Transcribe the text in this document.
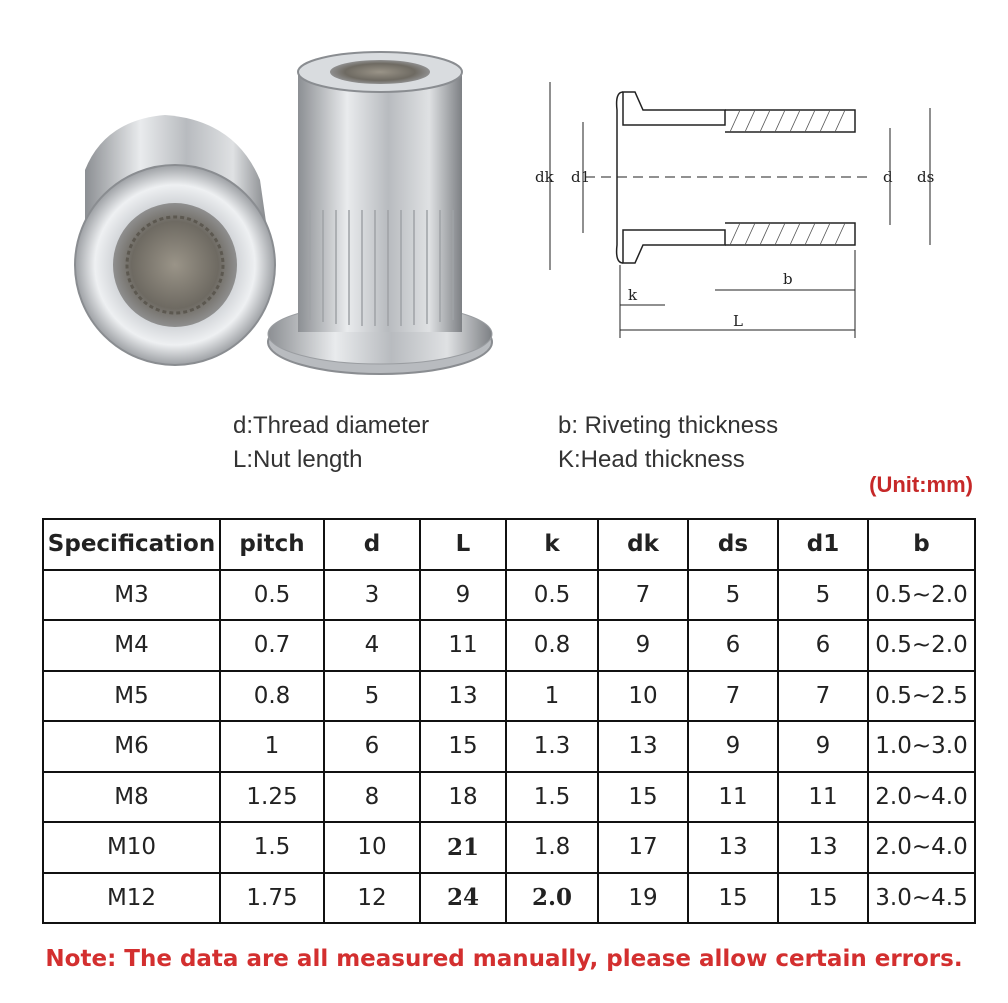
dk d1	d ds
b
k
L
d:Thread diameter
L:Nut length
b: Riveting thickness
K:Head thickness
(Unit:mm)
Specification	pitch	d	L	k	dk	ds	d1	b
M3	0.5	3	9	0.5	7	5	5	0.5~2.0
M4	0.7	4	11	0.8	9	6	6	0.5~2.0
M5	0.8	5	13	1	10	7	7	0.5~2.5
M6	1	6	15	1.3	13	9	9	1.0~3.0
M8	1.25	8	18	1.5	15	11	11	2.0~4.0
M10	1.5	10	21	1.8	17	13	13	2.0~4.0
M12	1.75	12	24	2.0	19	15	15	3.0~4.5
Note: The data are all measured manually, please allow certain errors.
